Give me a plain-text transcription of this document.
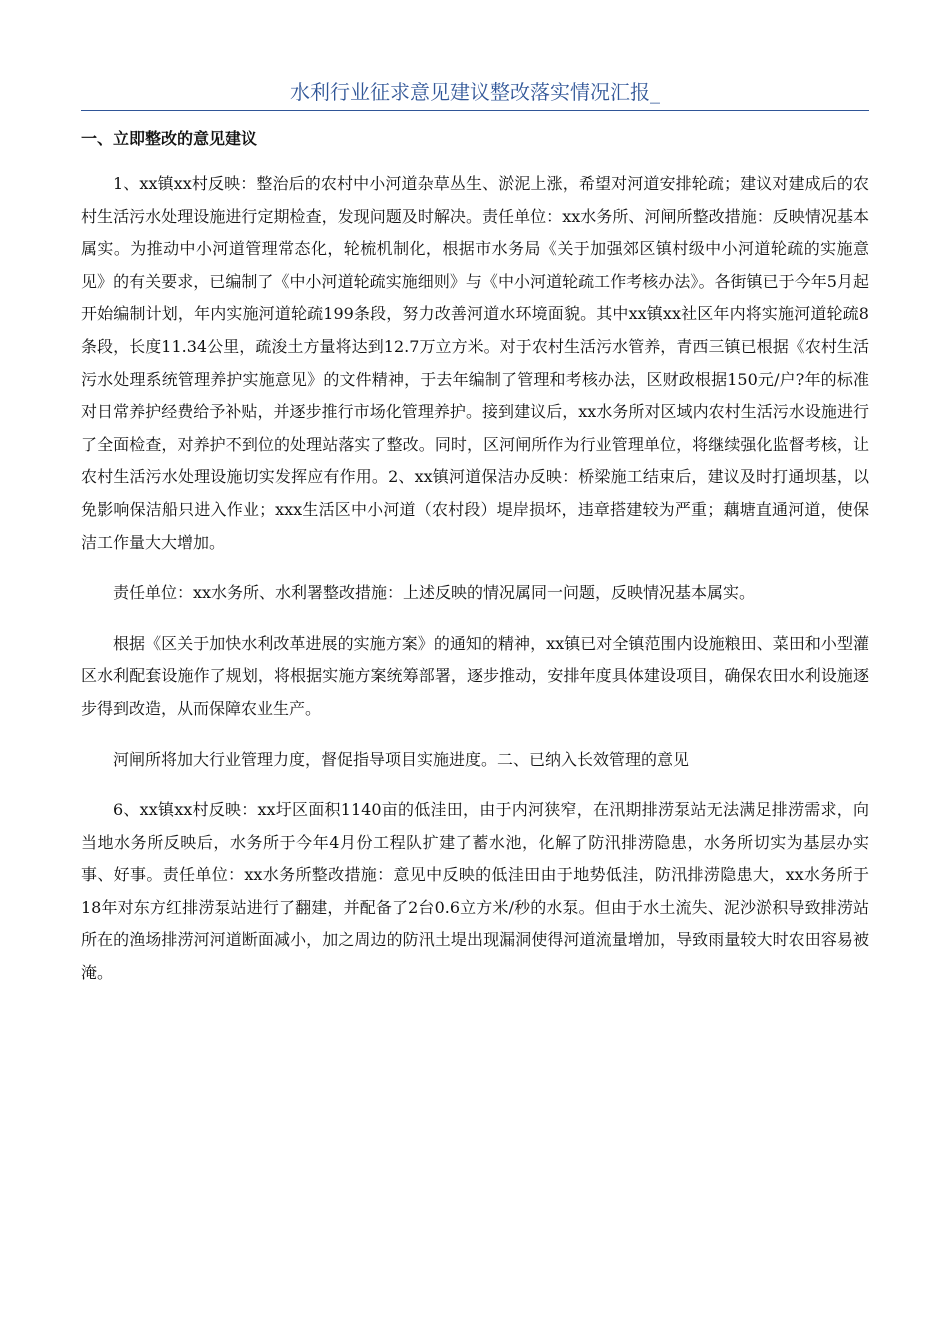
水利行业征求意见建议整改落实情况汇报_

一、立即整改的意见建议

1、xx镇xx村反映：整治后的农村中小河道杂草丛生、淤泥上涨，希望对河道安排轮疏；建议对建成后的农村生活污水处理设施进行定期检查，发现问题及时解决。责任单位：xx水务所、河闸所整改措施：反映情况基本属实。为推动中小河道管理常态化，轮梳机制化，根据市水务局《关于加强郊区镇村级中小河道轮疏的实施意见》的有关要求，已编制了《中小河道轮疏实施细则》与《中小河道轮疏工作考核办法》。各街镇已于今年5月起开始编制计划，年内实施河道轮疏199条段，努力改善河道水环境面貌。其中xx镇xx社区年内将实施河道轮疏8条段，长度11.34公里，疏浚土方量将达到12.7万立方米。对于农村生活污水管养，青西三镇已根据《农村生活污水处理系统管理养护实施意见》的文件精神，于去年编制了管理和考核办法，区财政根据150元/户?年的标准对日常养护经费给予补贴，并逐步推行市场化管理养护。接到建议后，xx水务所对区域内农村生活污水设施进行了全面检查，对养护不到位的处理站落实了整改。同时，区河闸所作为行业管理单位，将继续强化监督考核，让农村生活污水处理设施切实发挥应有作用。2、xx镇河道保洁办反映：桥梁施工结束后，建议及时打通坝基，以免影响保洁船只进入作业；xxx生活区中小河道（农村段）堤岸损坏，违章搭建较为严重；藕塘直通河道，使保洁工作量大大增加。

责任单位：xx水务所、水利署整改措施：上述反映的情况属同一问题，反映情况基本属实。

根据《区关于加快水利改革进展的实施方案》的通知的精神，xx镇已对全镇范围内设施粮田、菜田和小型灌区水利配套设施作了规划，将根据实施方案统筹部署，逐步推动，安排年度具体建设项目，确保农田水利设施逐步得到改造，从而保障农业生产。

河闸所将加大行业管理力度，督促指导项目实施进度。二、已纳入长效管理的意见

6、xx镇xx村反映：xx圩区面积1140亩的低洼田，由于内河狭窄，在汛期排涝泵站无法满足排涝需求，向当地水务所反映后，水务所于今年4月份工程队扩建了蓄水池，化解了防汛排涝隐患，水务所切实为基层办实事、好事。责任单位：xx水务所整改措施：意见中反映的低洼田由于地势低洼，防汛排涝隐患大，xx水务所于18年对东方红排涝泵站进行了翻建，并配备了2台0.6立方米/秒的水泵。但由于水土流失、泥沙淤积导致排涝站所在的渔场排涝河河道断面减小，加之周边的防汛土堤出现漏洞使得河道流量增加，导致雨量较大时农田容易被淹。
